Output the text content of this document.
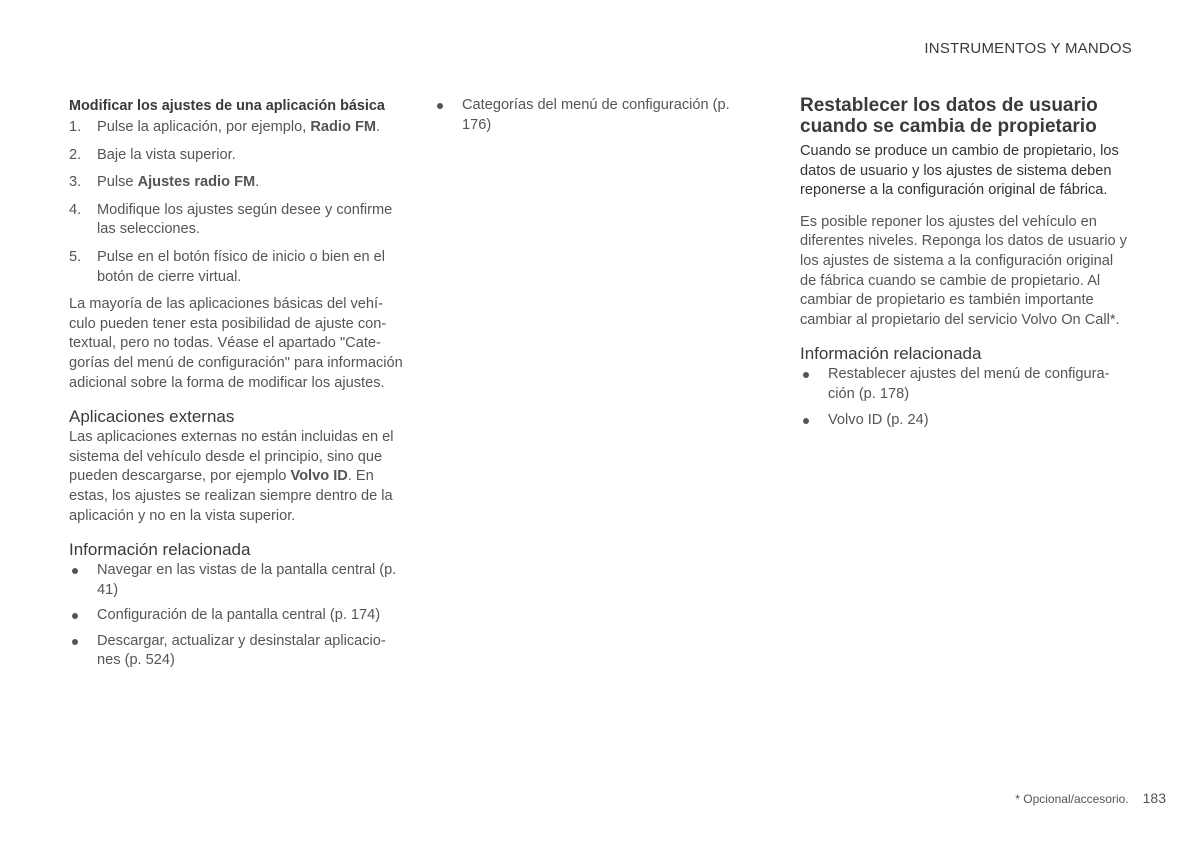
INSTRUMENTOS Y MANDOS
Modificar los ajustes de una aplicación básica
1. Pulse la aplicación, por ejemplo, Radio FM.
2. Baje la vista superior.
3. Pulse Ajustes radio FM.
4. Modifique los ajustes según desee y confirme las selecciones.
5. Pulse en el botón físico de inicio o bien en el botón de cierre virtual.

La mayoría de las aplicaciones básicas del vehículo pueden tener esta posibilidad de ajuste contextual, pero no todas. Véase el apartado "Categorías del menú de configuración" para información adicional sobre la forma de modificar los ajustes.

Aplicaciones externas

Las aplicaciones externas no están incluidas en el sistema del vehículo desde el principio, sino que pueden descargarse, por ejemplo Volvo ID. En estas, los ajustes se realizan siempre dentro de la aplicación y no en la vista superior.

Información relacionada
Navegar en las vistas de la pantalla central (p. 41)
Configuración de la pantalla central (p. 174)
Descargar, actualizar y desinstalar aplicaciones (p. 524)
Categorías del menú de configuración (p. 176)
Restablecer los datos de usuario cuando se cambia de propietario

Cuando se produce un cambio de propietario, los datos de usuario y los ajustes de sistema deben reponerse a la configuración original de fábrica.

Es posible reponer los ajustes del vehículo en diferentes niveles. Reponga los datos de usuario y los ajustes de sistema a la configuración original de fábrica cuando se cambie de propietario. Al cambiar de propietario es también importante cambiar al propietario del servicio Volvo On Call*.

Información relacionada
Restablecer ajustes del menú de configuración (p. 178)
Volvo ID (p. 24)
* Opcional/accesorio. 183
